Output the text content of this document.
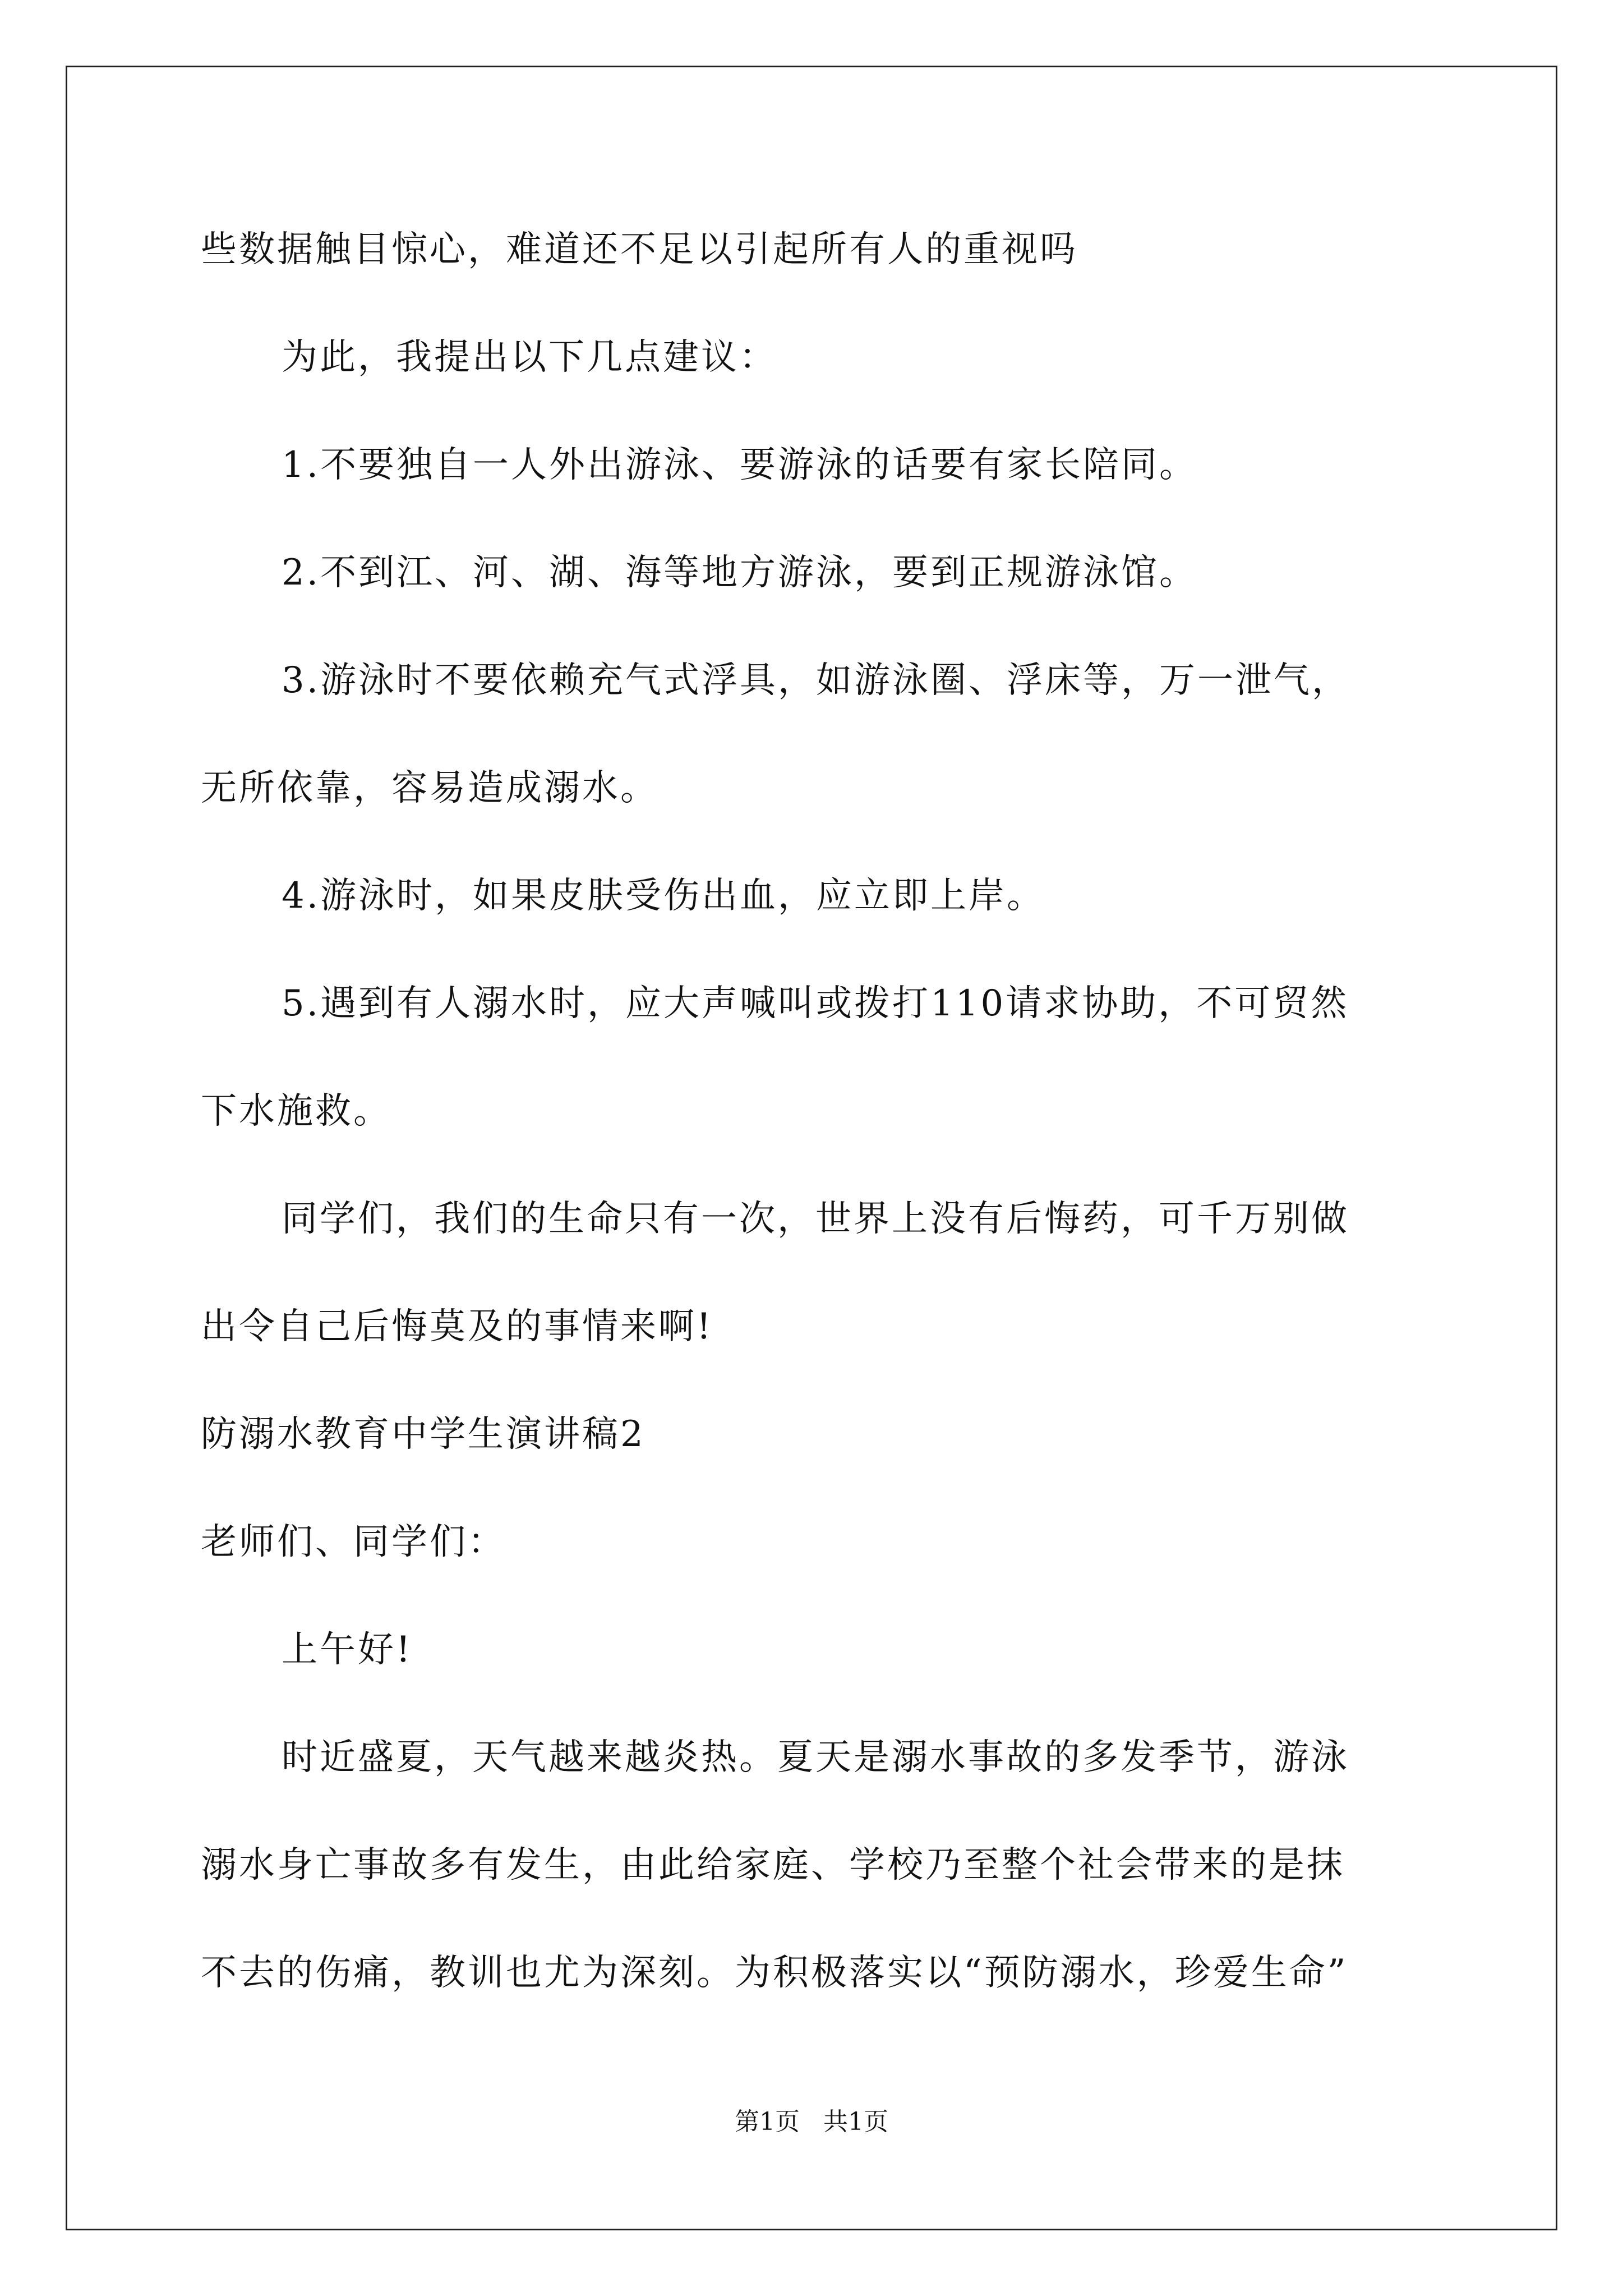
些数据触目惊心，难道还不足以引起所有人的重视吗

为此，我提出以下几点建议：

1.不要独自一人外出游泳、要游泳的话要有家长陪同。

2.不到江、河、湖、海等地方游泳，要到正规游泳馆。

3.游泳时不要依赖充气式浮具，如游泳圈、浮床等，万一泄气，

无所依靠，容易造成溺水。

4.游泳时，如果皮肤受伤出血，应立即上岸。

5.遇到有人溺水时，应大声喊叫或拨打110请求协助，不可贸然

下水施救。

同学们，我们的生命只有一次，世界上没有后悔药，可千万别做

出令自己后悔莫及的事情来啊!

防溺水教育中学生演讲稿2

老师们、同学们：

上午好!

时近盛夏，天气越来越炎热。夏天是溺水事故的多发季节，游泳

溺水身亡事故多有发生，由此给家庭、学校乃至整个社会带来的是抹

不去的伤痛，教训也尤为深刻。为积极落实以“预防溺水，珍爱生命”

第1页   共1页
